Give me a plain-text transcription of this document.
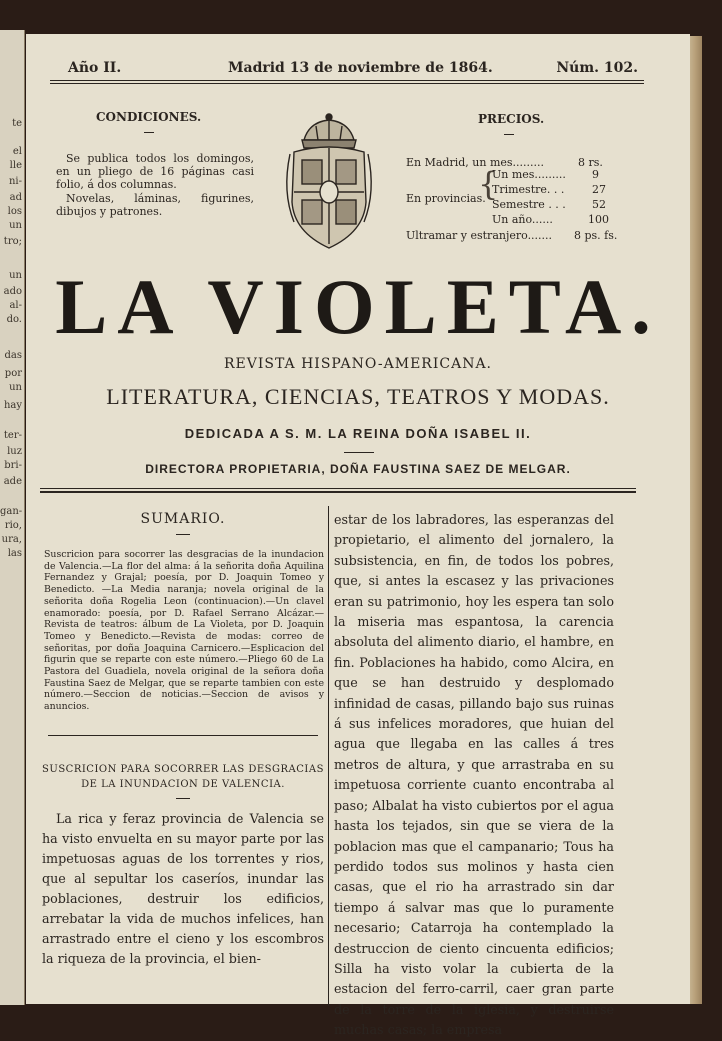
te
el
lle
ni-
ad
los
un
tro;
un
ado
al-
do.
das
por
un
hay
ter-
luz
bri-
ade
gan-
rio,
ura,
las
Año II.	Madrid 13 de noviembre de 1864.	Núm. 102.
CONDICIONES.
Se publica todos los domingos, en un pliego de 16 páginas casi folio, á dos columnas.
Novelas, láminas, figurines, dibujos y patrones.
PRECIOS.
En Madrid, un mes.........	8 rs.
En provincias.
{
Un mes......... 9
Trimestre. . .	27
Semestre . . . 52
Un año......	100
Ultramar y estranjero....... 8 ps. fs.
LA VIOLETA.
REVISTA HISPANO-AMERICANA.
LITERATURA, CIENCIAS, TEATROS Y MODAS.
DEDICADA A S. M. LA REINA DOÑA ISABEL II.
DIRECTORA PROPIETARIA, DOÑA FAUSTINA SAEZ DE MELGAR.
SUMARIO.
Suscricion para socorrer las desgracias de la inundacion de Valencia.—La flor del alma: á la señorita doña Aquilina Fernandez y Grajal; poesía, por D. Joaquin Tomeo y Benedicto. —La Media naranja; novela original de la señorita doña Rogelia Leon (continuacion).—Un clavel enamorado: poesía, por D. Rafael Serrano Alcázar.—Revista de teatros: álbum de La Violeta, por D. Joaquin Tomeo y Benedicto.—Revista de modas: correo de señoritas, por doña Joaquina Carnicero.—Esplicacion del figurin que se reparte con este número.—Pliego 60 de La Pastora del Guadiela, novela original de la señora doña Faustina Saez de Melgar, que se reparte tambien con este número.—Seccion de noticias.—Seccion de avisos y anuncios.
SUSCRICION PARA SOCORRER LAS DESGRACIAS DE LA INUNDACION DE VALENCIA.
La rica y feraz provincia de Valencia se ha visto envuelta en su mayor parte por las impetuosas aguas de los torrentes y rios, que al sepultar los caseríos, inundar las poblaciones, destruir los edificios, arrebatar la vida de muchos infelices, han arrastrado entre el cieno y los escombros la riqueza de la provincia, el bien-
estar de los labradores, las esperanzas del propietario, el alimento del jornalero, la subsistencia, en fin, de todos los pobres, que, si antes la escasez y las privaciones eran su patrimonio, hoy les espera tan solo la miseria mas espantosa, la carencia absoluta del alimento diario, el hambre, en fin. Poblaciones ha habido, como Alcira, en que se han destruido y desplomado infinidad de casas, pillando bajo sus ruinas á sus infelices moradores, que huian del agua que llegaba en las calles á tres metros de altura, y que arrastraba en su impetuosa corriente cuanto encontraba al paso; Albalat ha visto cubiertos por el agua hasta los tejados, sin que se viera de la poblacion mas que el campanario; Tous ha perdido todos sus molinos y hasta cien casas, que el rio ha arrastrado sin dar tiempo á salvar mas que lo puramente necesario; Catarroja ha contemplado la destruccion de ciento cincuenta edificios; Silla ha visto volar la cubierta de la estacion del ferro-carril, caer gran parte de la torre de la iglesia, y destruirse muchas casas; la empresa
